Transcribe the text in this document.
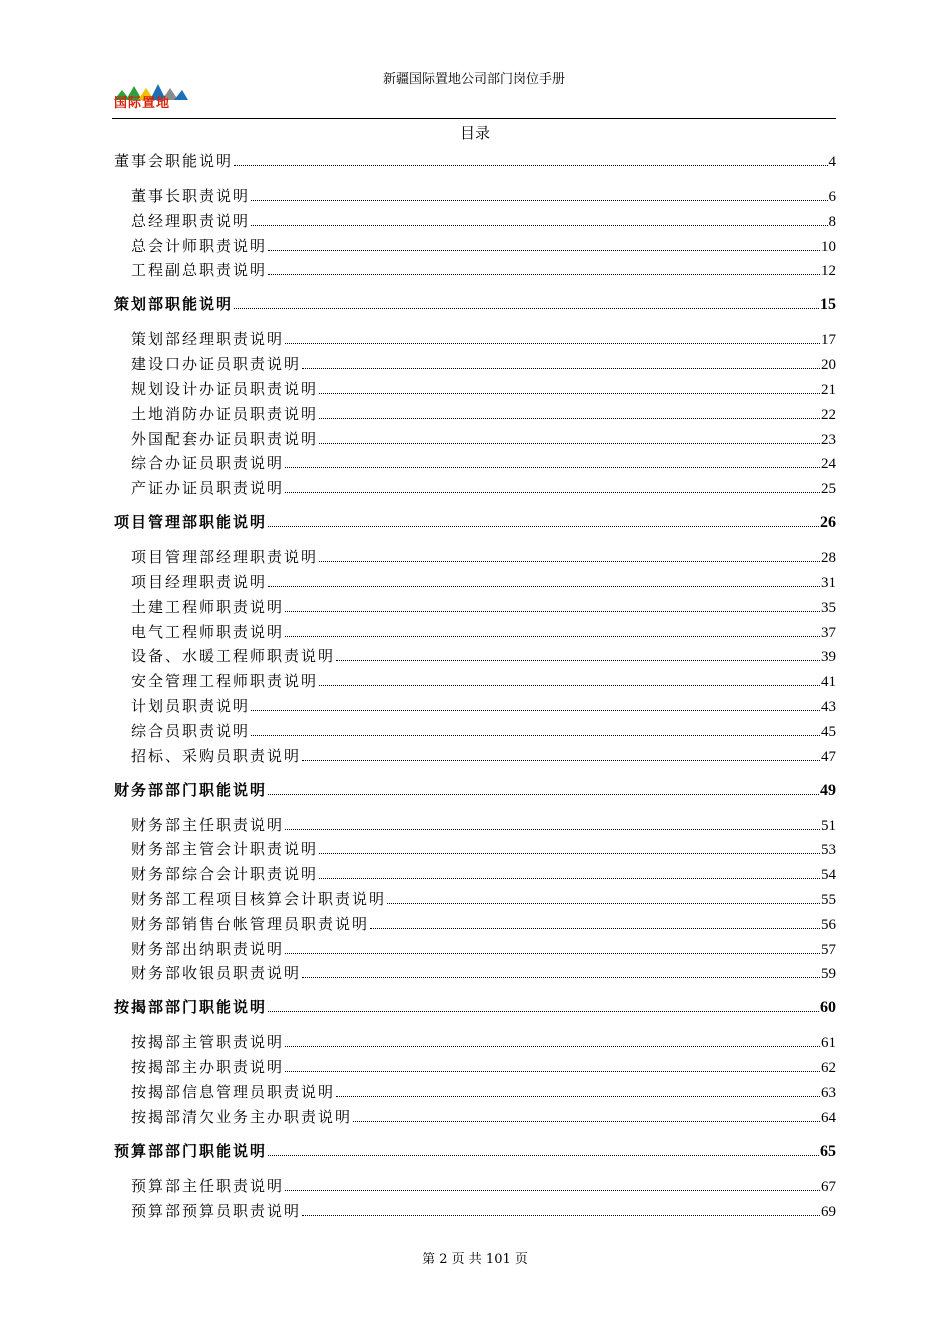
国际置地
新疆国际置地公司部门岗位手册
目录
董事会职能说明	4
董事长职责说明	6
总经理职责说明	8
总会计师职责说明	10
工程副总职责说明	12
策划部职能说明	15
策划部经理职责说明	17
建设口办证员职责说明	20
规划设计办证员职责说明	21
土地消防办证员职责说明	22
外国配套办证员职责说明	23
综合办证员职责说明	24
产证办证员职责说明	25
项目管理部职能说明	26
项目管理部经理职责说明	28
项目经理职责说明	31
土建工程师职责说明	35
电气工程师职责说明	37
设备、水暖工程师职责说明	39
安全管理工程师职责说明	41
计划员职责说明	43
综合员职责说明	45
招标、采购员职责说明	47
财务部部门职能说明	49
财务部主任职责说明	51
财务部主管会计职责说明	53
财务部综合会计职责说明	54
财务部工程项目核算会计职责说明	55
财务部销售台帐管理员职责说明	56
财务部出纳职责说明	57
财务部收银员职责说明	59
按揭部部门职能说明	60
按揭部主管职责说明	61
按揭部主办职责说明	62
按揭部信息管理员职责说明	63
按揭部清欠业务主办职责说明	64
预算部部门职能说明	65
预算部主任职责说明	67
预算部预算员职责说明	69
第 2 页 共 101 页
